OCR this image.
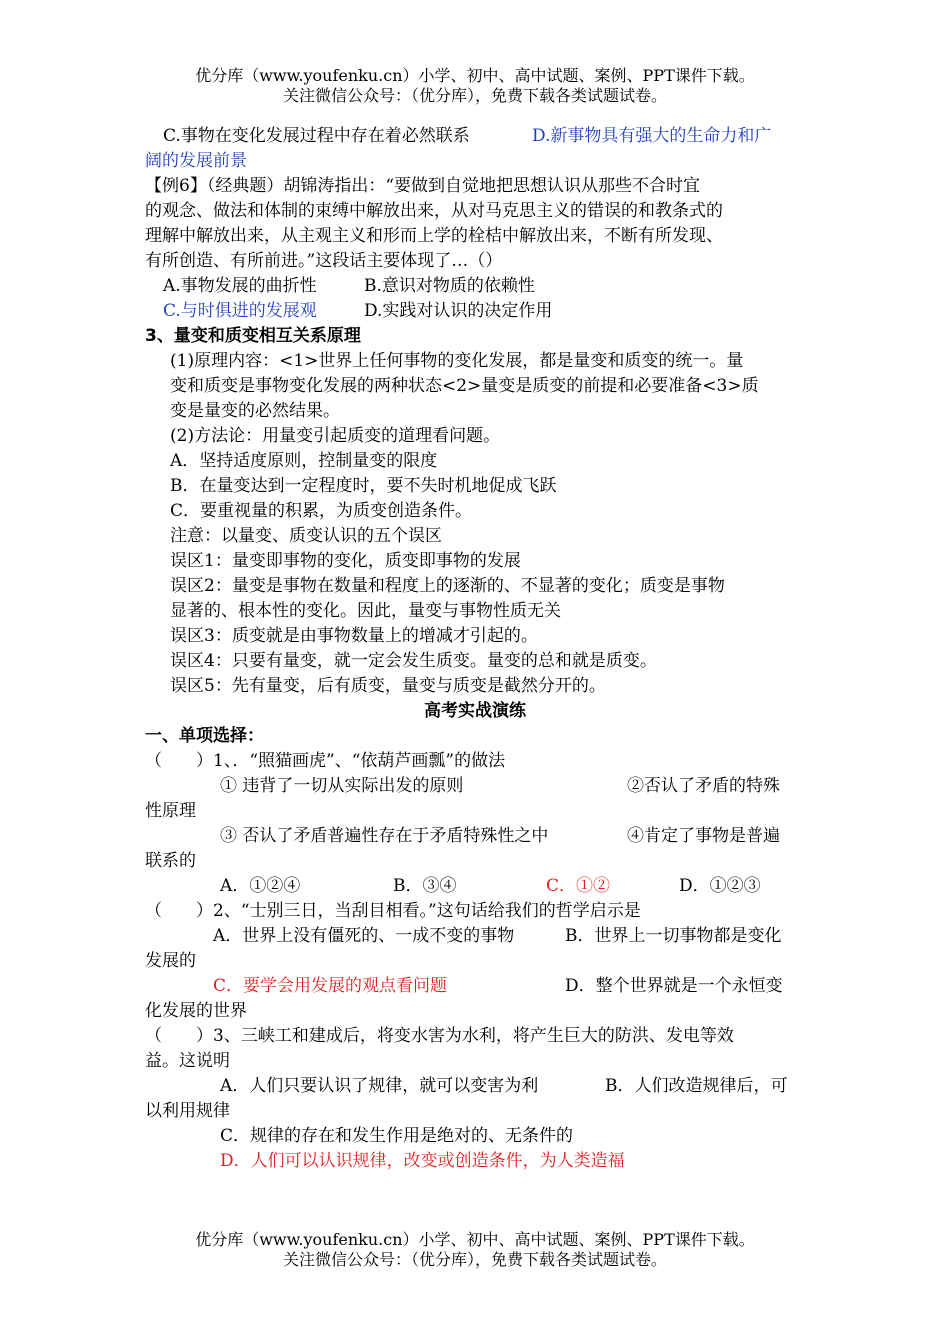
优分库（www.youfenku.cn）小学、初中、高中试题、案例、PPT课件下载。
关注微信公众号：（优分库），免费下载各类试题试卷。
C.事物在变化发展过程中存在着必然联系	D.新事物具有强大的生命力和广
阔的发展前景
【例6】（经典题）胡锦涛指出：“要做到自觉地把思想认识从那些不合时宜
的观念、做法和体制的束缚中解放出来，从对马克思主义的错误的和教条式的
理解中解放出来，从主观主义和形而上学的栓桔中解放出来，不断有所发现、
有所创造、有所前进。”这段话主要体现了…（）
A.事物发展的曲折性	B.意识对物质的依赖性
C.与时俱进的发展观	D.实践对认识的决定作用
3、量变和质变相互关系原理
(1)原理内容：<1>世界上任何事物的变化发展，都是量变和质变的统一。量
变和质变是事物变化发展的两种状态<2>量变是质变的前提和必要准备<3>质
变是量变的必然结果。
(2)方法论：用量变引起质变的道理看问题。
A．坚持适度原则，控制量变的限度
B．在量变达到一定程度时，要不失时机地促成飞跃
C．要重视量的积累，为质变创造条件。
注意：以量变、质变认识的五个误区
误区1：量变即事物的变化，质变即事物的发展
误区2：量变是事物在数量和程度上的逐渐的、不显著的变化；质变是事物
显著的、根本性的变化。因此，量变与事物性质无关
误区3：质变就是由事物数量上的增减才引起的。
误区4：只要有量变，就一定会发生质变。量变的总和就是质变。
误区5：先有量变，后有质变，量变与质变是截然分开的。
高考实战演练
一、单项选择：
（　　）1、．“照猫画虎”、“依葫芦画瓢”的做法
① 违背了一切从实际出发的原则	②否认了矛盾的特殊
性原理
③ 否认了矛盾普遍性存在于矛盾特殊性之中	④肯定了事物是普遍
联系的
A．①②④	B．③④	C．①②	D．①②③
（　　）2、“士别三日，当刮目相看。”这句话给我们的哲学启示是
A．世界上没有僵死的、一成不变的事物	B．世界上一切事物都是变化
发展的
C．要学会用发展的观点看问题	D．整个世界就是一个永恒变
化发展的世界
（　　）3、三峡工和建成后，将变水害为水利，将产生巨大的防洪、发电等效
益。这说明
A．人们只要认识了规律，就可以变害为利	B．人们改造规律后，可
以利用规律
C．规律的存在和发生作用是绝对的、无条件的
D．人们可以认识规律，改变或创造条件，为人类造福
优分库（www.youfenku.cn）小学、初中、高中试题、案例、PPT课件下载。
关注微信公众号：（优分库），免费下载各类试题试卷。
